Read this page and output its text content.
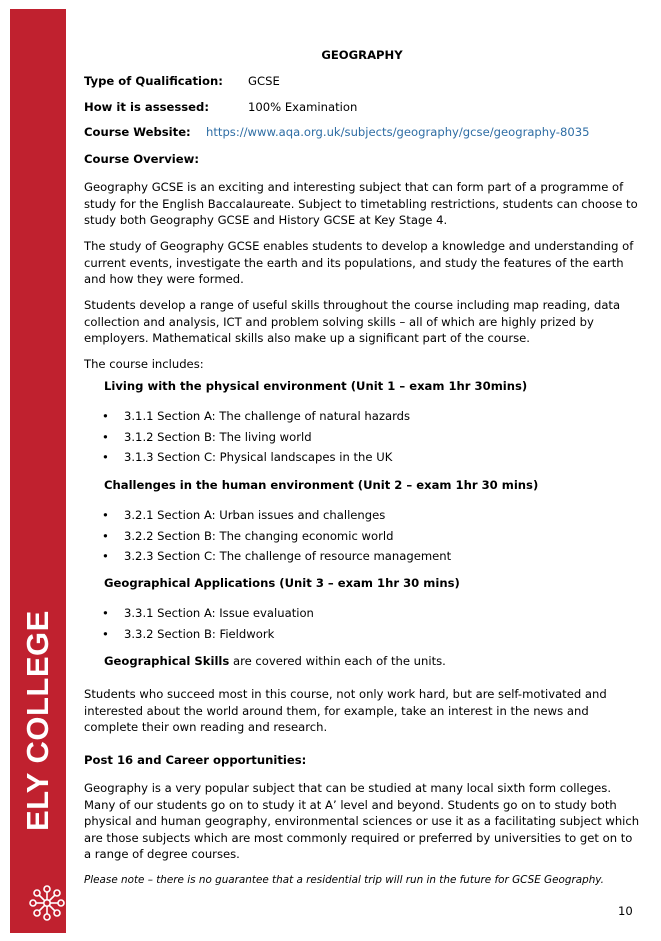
ELY COLLEGE
GEOGRAPHY
Type of Qualification: GCSE
How it is assessed:	100% Examination
Course Website: https://www.aqa.org.uk/subjects/geography/gcse/geography-8035
Course Overview:

Geography GCSE is an exciting and interesting subject that can form part of a programme of study for the English Baccalaureate. Subject to timetabling restrictions, students can choose to study both Geography GCSE and History GCSE at Key Stage 4.

The study of Geography GCSE enables students to develop a knowledge and understanding of current events, investigate the earth and its populations, and study the features of the earth and how they were formed.

Students develop a range of useful skills throughout the course including map reading, data collection and analysis, ICT and problem solving skills – all of which are highly prized by employers. Mathematical skills also make up a significant part of the course.

The course includes:
Living with the physical environment (Unit 1 – exam 1hr 30mins)
• 3.1.1 Section A: The challenge of natural hazards
• 3.1.2 Section B: The living world
• 3.1.3 Section C: Physical landscapes in the UK
Challenges in the human environment (Unit 2 – exam 1hr 30 mins)
• 3.2.1 Section A: Urban issues and challenges
• 3.2.2 Section B: The changing economic world
• 3.2.3 Section C: The challenge of resource management
Geographical Applications (Unit 3 – exam 1hr 30 mins)
• 3.3.1 Section A: Issue evaluation
• 3.3.2 Section B: Fieldwork
Geographical Skills are covered within each of the units.

Students who succeed most in this course, not only work hard, but are self-motivated and interested about the world around them, for example, take an interest in the news and complete their own reading and research.

Post 16 and Career opportunities:

Geography is a very popular subject that can be studied at many local sixth form colleges. Many of our students go on to study it at A’ level and beyond. Students go on to study both physical and human geography, environmental sciences or use it as a facilitating subject which are those subjects which are most commonly required or preferred by universities to get on to a range of degree courses.

Please note – there is no guarantee that a residential trip will run in the future for GCSE Geography.
10
